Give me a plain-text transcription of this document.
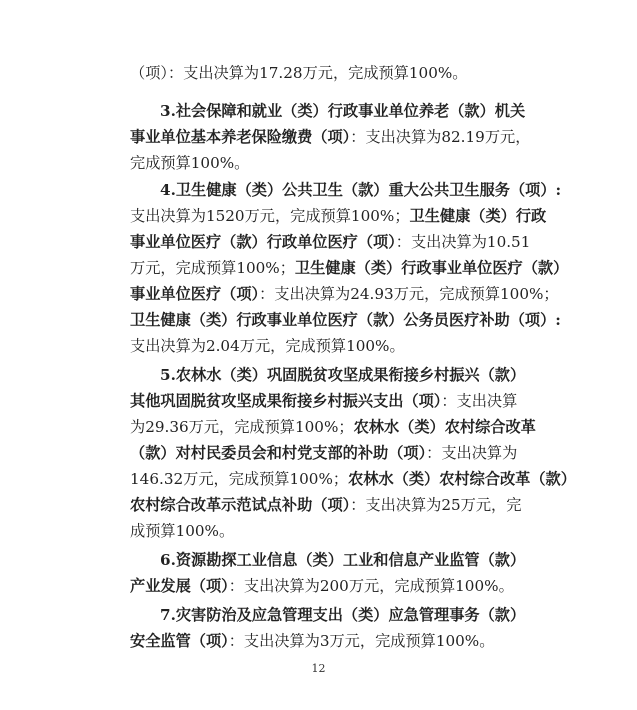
（项）：支出决算为17.28万元，完成预算100%。
3.社会保障和就业（类）行政事业单位养老（款）机关
事业单位基本养老保险缴费（项）：支出决算为82.19万元，
完成预算100%。
4.卫生健康（类）公共卫生（款）重大公共卫生服务（项）:
支出决算为1520万元，完成预算100%；卫生健康（类）行政
事业单位医疗（款）行政单位医疗（项）：支出决算为10.51
万元，完成预算100%；卫生健康（类）行政事业单位医疗（款）
事业单位医疗（项）：支出决算为24.93万元，完成预算100%；
卫生健康（类）行政事业单位医疗（款）公务员医疗补助（项）:
支出决算为2.04万元，完成预算100%。
5.农林水（类）巩固脱贫攻坚成果衔接乡村振兴（款）
其他巩固脱贫攻坚成果衔接乡村振兴支出（项）：支出决算
为29.36万元，完成预算100%；农林水（类）农村综合改革
（款）对村民委员会和村党支部的补助（项）：支出决算为
146.32万元，完成预算100%；农林水（类）农村综合改革（款）
农村综合改革示范试点补助（项）：支出决算为25万元，完
成预算100%。
6.资源勘探工业信息（类）工业和信息产业监管（款）
产业发展（项）：支出决算为200万元，完成预算100%。
7.灾害防治及应急管理支出（类）应急管理事务（款）
安全监管（项）：支出决算为3万元，完成预算100%。
12
